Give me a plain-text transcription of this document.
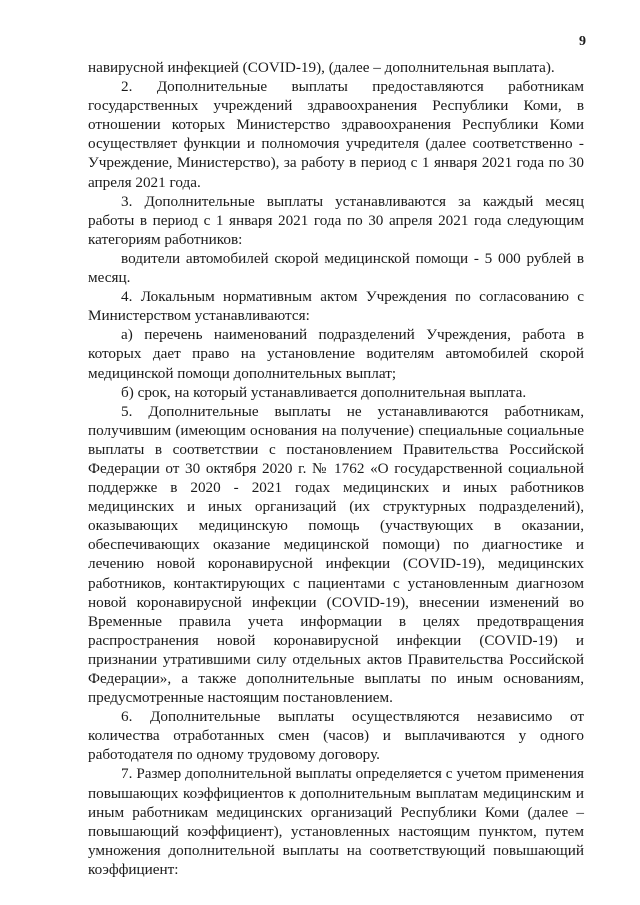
9

навирусной инфекцией (COVID-19), (далее – дополнительная выплата).

2. Дополнительные выплаты предоставляются работникам государственных учреждений здравоохранения Республики Коми, в отношении которых Министерство здравоохранения Республики Коми осуществляет функции и полномочия учредителя (далее соответственно - Учреждение, Министерство), за работу в период с 1 января 2021 года по 30 апреля 2021 года.

3. Дополнительные выплаты устанавливаются за каждый месяц работы в период с 1 января 2021 года по 30 апреля 2021 года следующим категориям работников:

водители автомобилей скорой медицинской помощи - 5 000 рублей в месяц.

4. Локальным нормативным актом Учреждения по согласованию с Министерством устанавливаются:

а) перечень наименований подразделений Учреждения, работа в которых дает право на установление водителям автомобилей скорой медицинской помощи дополнительных выплат;

б) срок, на который устанавливается дополнительная выплата.

5. Дополнительные выплаты не устанавливаются работникам, получившим (имеющим основания на получение) специальные социальные выплаты в соответствии с постановлением Правительства Российской Федерации от 30 октября 2020 г. № 1762 «О государственной социальной поддержке в 2020 - 2021 годах медицинских и иных работников медицинских и иных организаций (их структурных подразделений), оказывающих медицинскую помощь (участвующих в оказании, обеспечивающих оказание медицинской помощи) по диагностике и лечению новой коронавирусной инфекции (COVID-19), медицинских работников, контактирующих с пациентами с установленным диагнозом новой коронавирусной инфекции (COVID-19), внесении изменений во Временные правила учета информации в целях предотвращения распространения новой коронавирусной инфекции (COVID-19) и признании утратившими силу отдельных актов Правительства Российской Федерации», а также дополнительные выплаты по иным основаниям, предусмотренные настоящим постановлением.

6. Дополнительные выплаты осуществляются независимо от количества отработанных смен (часов) и выплачиваются у одного работодателя по одному трудовому договору.

7. Размер дополнительной выплаты определяется с учетом применения повышающих коэффициентов к дополнительным выплатам медицинским и иным работникам медицинских организаций Республики Коми (далее – повышающий коэффициент), установленных настоящим пунктом, путем умножения дополнительной выплаты на соответствующий повышающий коэффициент:
